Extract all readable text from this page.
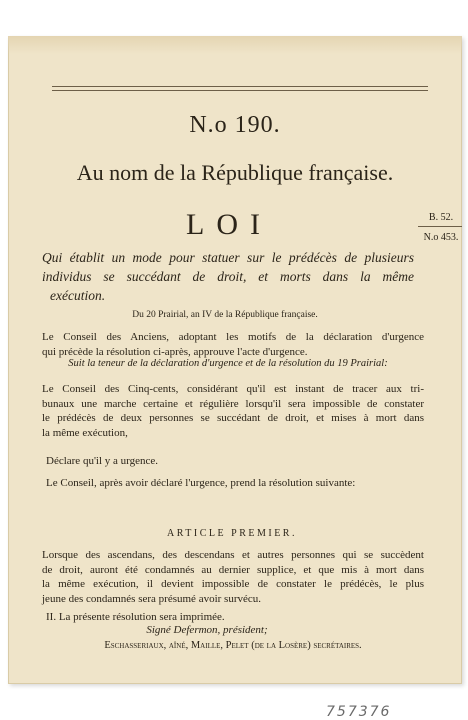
N.o 190.
Au nom de la République française.
LOI	B. 52.
N.o 453.
Qui établit un mode pour statuer sur le prédécès de plusieurs
individus se succédant de droit, et morts dans la même
exécution.
Du 20 Prairial, an IV de la République française.
Le Conseil des Anciens, adoptant les motifs de la déclaration d'urgence
qui précède la résolution ci-après, approuve l'acte d'urgence.
Suit la teneur de la déclaration d'urgence et de la résolution du 19 Prairial:
Le Conseil des Cinq-cents, considérant qu'il est instant de tracer aux tri-
bunaux une marche certaine et régulière lorsqu'il sera impossible de constater
le prédécès de deux personnes se succédant de droit, et mises à mort dans
la même exécution,
Déclare qu'il y a urgence.
Le Conseil, après avoir déclaré l'urgence, prend la résolution suivante:
ARTICLE PREMIER.
Lorsque des ascendans, des descendans et autres personnes qui se succèdent
de droit, auront été condamnés au dernier supplice, et que mis à mort dans
la même exécution, il devient impossible de constater le prédécès, le plus
jeune des condamnés sera présumé avoir survécu.
II. La présente résolution sera imprimée.
Signé Defermon, président;
Eschasseriaux, aîné, Maille, Pelet (de la Losère) secrétaires.
757376
